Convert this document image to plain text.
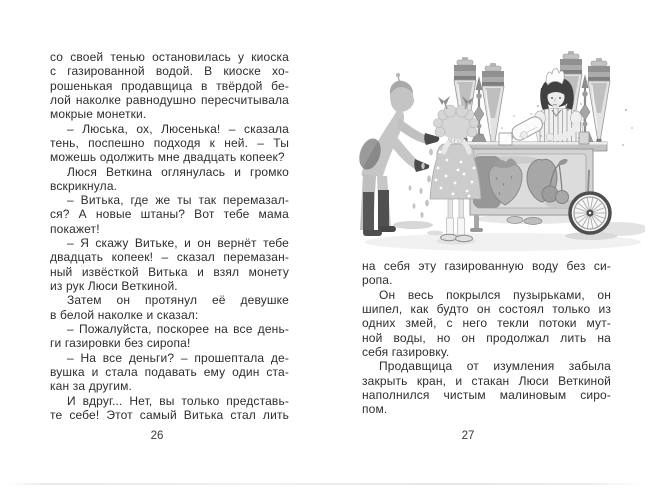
со своей тенью остановилась у киоска
с газированной водой. В киоске хо-
рошенькая продавщица в твёрдой бе-
лой наколке равнодушно пересчитывала
мокрые монетки.
– Люська, ох, Люсенька! – сказала
тень, поспешно подходя к ней. – Ты
можешь одолжить мне двадцать копеек?
Люся Веткина оглянулась и громко
вскрикнула.
– Витька, где же ты так перемазал-
ся? А новые штаны? Вот тебе мама
покажет!
– Я скажу Витьке, и он вернёт тебе
двадцать копеек! – сказал перемазан-
ный извёсткой Витька и взял монету
из рук Люси Веткиной.
Затем он протянул её девушке
в белой наколке и сказал:
– Пожалуйста, поскорее на все день-
ги газировки без сиропа!
– На все деньги? – прошептала де-
вушка и стала подавать ему один ста-
кан за другим.
И вдруг... Нет, вы только представь-
те себе! Этот самый Витька стал лить
26
на себя эту газированную воду без си-
ропа.
Он весь покрылся пузырьками, он
шипел, как будто он состоял только из
одних змей, с него текли потоки мут-
ной воды, но он продолжал лить на
себя газировку.
Продавщица от изумления забыла
закрыть кран, и стакан Люси Веткиной
наполнился чистым малиновым сиро-
пом.
27
